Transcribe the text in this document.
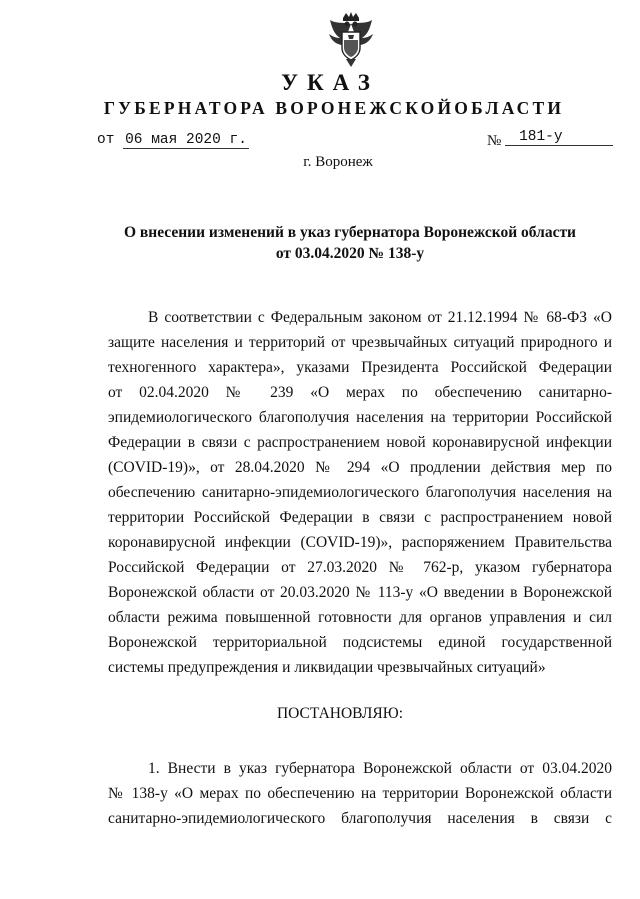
УКАЗ
ГУБЕРНАТОРА ВОРОНЕЖСКОЙОБЛАСТИ
от 06 мая 2020 г.	№ 181-у
г. Воронеж
О внесении изменений в указ губернатора Воронежской области
от 03.04.2020 № 138-у
В соответствии с Федеральным законом от 21.12.1994 № 68-ФЗ «О
защите населения и территорий от чрезвычайных ситуаций природного и
техногенного характера», указами Президента Российской Федерации
от 02.04.2020 № 239 «О мерах по обеспечению санитарно-
эпидемиологического благополучия населения на территории Российской
Федерации в связи с распространением новой коронавирусной инфекции
(COVID-19)», от 28.04.2020 № 294 «О продлении действия мер по
обеспечению санитарно-эпидемиологического благополучия населения на
территории Российской Федерации в связи с распространением новой
коронавирусной инфекции (COVID-19)», распоряжением Правительства
Российской Федерации от 27.03.2020 № 762-р, указом губернатора
Воронежской области от 20.03.2020 № 113-у «О введении в Воронежской
области режима повышенной готовности для органов управления и сил
Воронежской территориальной подсистемы единой государственной
системы предупреждения и ликвидации чрезвычайных ситуаций»
ПОСТАНОВЛЯЮ:
1. Внести в указ губернатора Воронежской области от 03.04.2020
№ 138-у «О мерах по обеспечению на территории Воронежской области
санитарно-эпидемиологического благополучия населения в связи с
